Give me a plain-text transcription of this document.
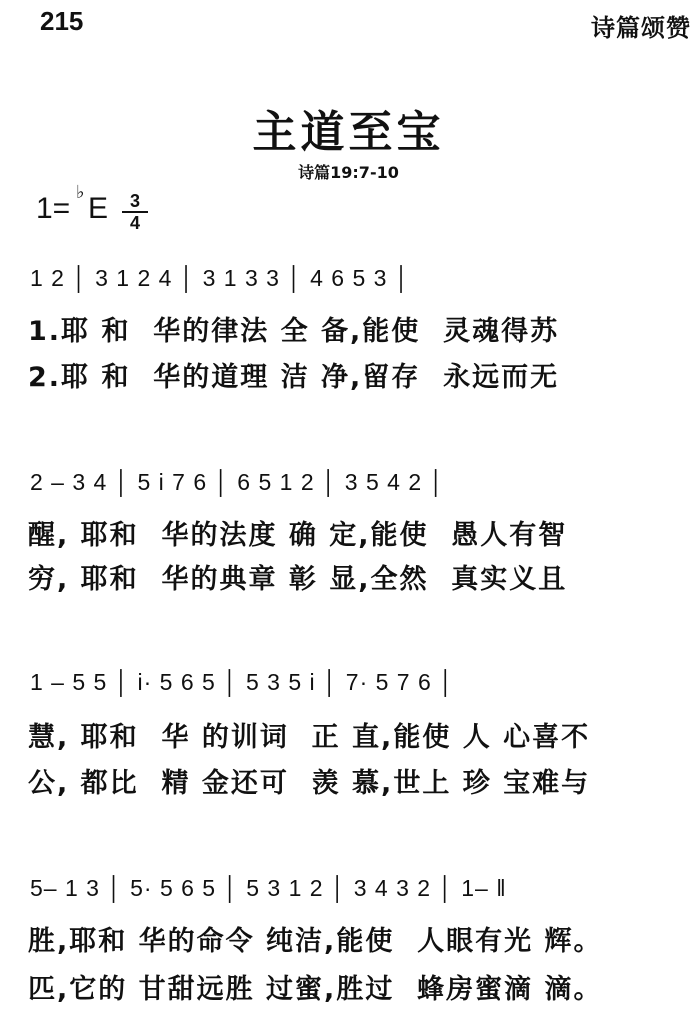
215	诗篇颂赞
主道至宝
诗篇19:7-10
1= ♭ E	3
4
1 2 │ 3 1 2 4 │ 3 1 3 3 │ 4 6 5 3 │
1.耶 和  华的律法 全 备,能使  灵魂得苏
2.耶 和  华的道理 洁 净,留存  永远而无
2 – 3 4 │ 5 i 7 6 │ 6 5 1 2 │ 3 5 4 2 │
醒, 耶和  华的法度 确 定,能使  愚人有智
穷, 耶和  华的典章 彰 显,全然  真实义且
1 – 5 5 │ i· 5 6 5 │ 5 3 5 i │ 7· 5 7 6 │
慧, 耶和  华 的训词  正 直,能使 人 心喜不
公, 都比  精 金还可  羡 慕,世上 珍 宝难与
5– 1 3 │ 5· 5 6 5 │ 5 3 1 2 │ 3 4 3 2 │ 1– ‖
胜,耶和 华的命令 纯洁,能使  人眼有光 辉。
匹,它的 甘甜远胜 过蜜,胜过  蜂房蜜滴 滴。
